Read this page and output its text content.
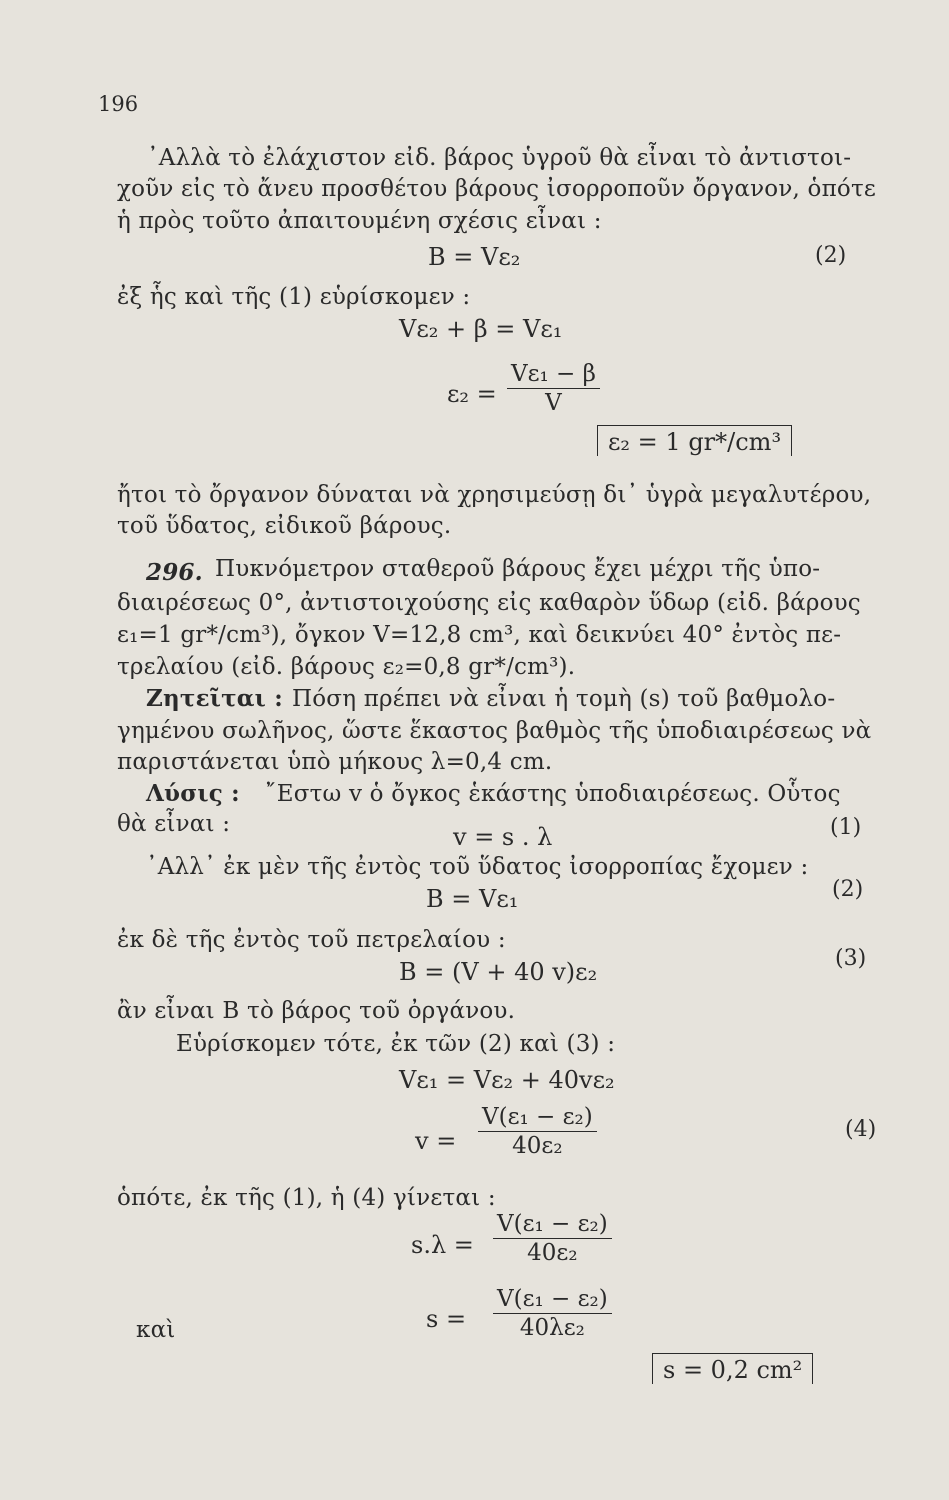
196
᾿Αλλὰ τὸ ἐλάχιστον εἰδ. βάρος ὑγροῦ θὰ εἶναι τὸ ἀντιστοι-
χοῦν εἰς τὸ ἄνευ προσθέτου βάρους ἰσορροποῦν ὄργανον, ὁπότε
ἡ πρὸς τοῦτο ἀπαιτουμένη σχέσις εἶναι :
B = Vε₂	(2)
ἐξ ἧς καὶ τῆς (1) εὑρίσκομεν :
Vε₂ + β = Vε₁
$\varepsilon_2 = \frac{\text{Vε₁ − β}}{V}$
ε₂ = 1 gr*/cm³
ἤτοι τὸ ὄργανον δύναται νὰ χρησιμεύσῃ δι᾿ ὑγρὰ μεγαλυτέρου,
τοῦ ὕδατος, εἰδικοῦ βάρους.
296. Πυκνόμετρον σταθεροῦ βάρους ἔχει μέχρι τῆς ὑπο-
διαιρέσεως 0°, ἀντιστοιχούσης εἰς καθαρὸν ὕδωρ (εἰδ. βάρους
ε₁=1 gr*/cm³), ὄγκον V=12,8 cm³, καὶ δεικνύει 40° ἐντὸς πε-
τρελαίου (εἰδ. βάρους ε₂=0,8 gr*/cm³).
Ζητεῖται : Πόση πρέπει νὰ εἶναι ἡ τομὴ (s) τοῦ βαθμολο-
γημένου σωλῆνος, ὥστε ἕκαστος βαθμὸς τῆς ὑποδιαιρέσεως νὰ
παριστάνεται ὑπὸ μήκους λ=0,4 cm.
Λύσις : ῎Εστω v ὁ ὄγκος ἑκάστης ὑποδιαιρέσεως. Οὗτος
θὰ εἶναι :	v = s . λ	(1)
᾿Αλλ᾿ ἐκ μὲν τῆς ἐντὸς τοῦ ὕδατος ἰσορροπίας ἔχομεν :
B = Vε₁	(2)
ἐκ δὲ τῆς ἐντὸς τοῦ πετρελαίου :
B = (V + 40 v)ε₂	(3)
ἂν εἶναι B τὸ βάρος τοῦ ὀργάνου.
Εὑρίσκομεν τότε, ἐκ τῶν (2) καὶ (3) :
Vε₁ = Vε₂ + 40vε₂
$v = \frac{\text{V(ε₁ − ε₂)}}{\text{40ε₂}}$	(4)
ὁπότε, ἐκ τῆς (1), ἡ (4) γίνεται :
$s.\lambda = \frac{\text{V(ε₁ − ε₂)}}{\text{40ε₂}}$
καὶ	$s = \frac{\text{V(ε₁ − ε₂)}}{\text{40λε₂}}$
s = 0,2 cm²
